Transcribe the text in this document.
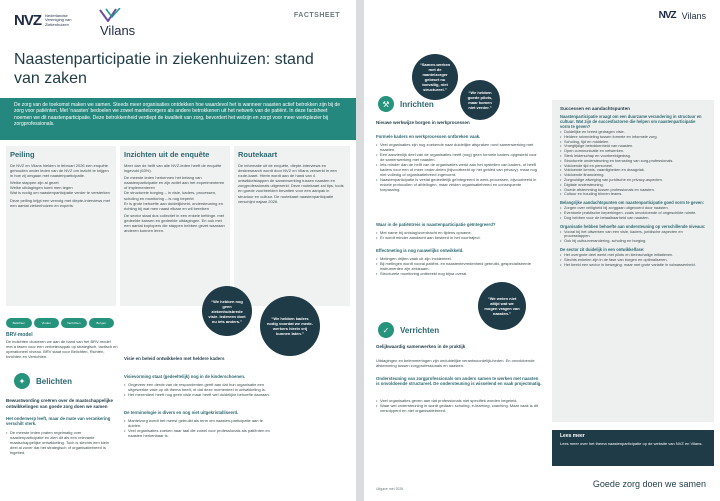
NVZ Nederlandse Vereniging van Ziekenhuizen	Vilans
FACTSHEET
Naastenparticipatie in ziekenhuizen: stand van zaken
De zorg van de toekomst maken we samen. Steeds meer organisaties ontdekken hoe waardevol het is wanneer naasten actief betrokken zijn bij de zorg voor patiënten. Met ‘naasten’ bedoelen we zowel mantelzorgers als andere betrokkenen uit het netwerk van de patiënt. In deze factsheet noemen we dit naastenparticipatie. Deze betrokkenheid verdiept de kwaliteit van zorg, bevordert het welzijn en zorgt voor meer werkplezier bij zorgprofessionals.
Peiling

De NVZ en Vilans hielden in februari 2026 een enquête gehouden onder leden van de NVZ om inzicht te krijgen in hoe zij omgaan met naastenparticipatie.

Welke stappen zijn al gezet
Welke uitdagingen komt men tegen
Wat is nodig om naastenparticipatie verder te versterken

Deze peiling krijgt een vervolg met diepte-interviews met een aantal ziekenhuizen en experts.

Inzichten uit de enquête

Meer dan de helft van alle NVZ-leden heeft de enquête ingevuld (63%).

De meeste leden herkennen het belang van naastenparticipatie en zijn actief aan het experimenteren of implementeren
De structurele borging – in visie, kaders, processen, scholing en monitoring – is nog beperkt
Er is grote behoefte aan duidelijkheid, ondersteuning en richting bij wat men naast elkaar en wil bereiken

De sector staat dus collectief in een enkele kettinge. met gedeelde kansen en gedeelde uitdagingen. En ook met een aantal koplopers die stappen hebben gezet waaraan anderen kunnen leren.

Routekaart

De informatie uit de enquête, diepte-interviews en deskresearch wordt door NVZ en Vilans verwerkt in een route-kaart. Hierin wordt aan de hand van 4 ontwikkelstappen de samenwerking tussen naasten en zorgprofessionals uitgewerkt. Deze routekaart zal tips, tools en goede voorbeelden bevatten voor een aanpak in structuur en cultuur. De routekaart naastenparticipatie verschijnt najaar 2026.

“We hebben nog geen ziekenhuisbrede visie. Iedereen doet nu iets anders.”	“We hebben kaders nodig voordat we mede-werkers hierin vrij kunnen laten.”
Belichten	Vinden	Verrichten	Borgen
BRV-model
De indichten clusteren we aan de hand van het BRV-model met a fasen voor een verbeterappak op strategisch, tactisch en operationeel niveau. BRV staat voor Belichten, Richten, Inrichten en Verrichten.
✦	Belichten
Bewustwording creëren over de maatschappelijke ontwikkelingen van goede zorg doen we samen
Het onderwerp leeft, maar de mate van verankering verschilt sterk.
• De meeste leden praten regelmatig over naastenparticipatie en zien dit als een relevante maatschappelijke ontwikkeling. Toch is slechts een klein deel al zover dat het strategisch of organisatiebreed is ingebed.
Visie en beleid ontwikkelen met heldere kaders
Visievorming staat (gedeeltelijk) nog in de kinderschoenen.
• Ongeveer een derde van de respondenten geeft aan dat hun organisatie een uitgewerkte visie op dit thema heeft, of dat deze momenteel in ontwikkeling is.
• Het merendeel heeft nog geen visie maar heeft wel duidelijke behoefte daaraan.
De terminologie is divers en nog niet uitgekristalliseerd.
• Mantelzorg wordt het meest gebruikt als term om naasten-participatie aan te duiden.
• Veel organisaties zoeken naar taal die zowel voor professionals als patiënten en naasten herkenbaar is.
NVZ Vilans
“Samen-werken met de mantelzorger gebeurt nu toevallig, niet structureel.”
“We hebben goede pilots, maar komen niet verder.”
⚒	Inrichten
Nieuwe werkwijze borgen in werkprocessen
Formele kaders en werkprocessen ontbreken vaak.
• Veel organisaties zijn nog zoekende naar duidelijke afspraken rond samenwerking met naasten.
• Een aanzienlijk deel van de organisaties heeft (nog) geen formele kaders opgesteld voor de samenwerking met naasten.
• Iets minder dan de helft van de organisaties werkt aan het opstellen van kaders, of heeft kaders voor een of meer onder-delen (bijvoorbeeld op het gebied van privacy). maar nog niet volledig of organisatiebreed ingevoerd.
• Naastenparticipatie is veelal gedeeltelijk geïntegreerd in werk-processen, bijvoorbeeld in enkele protocollen of afdelingen, maar zelden organisatiebreed en consequente toepassing.
Waar in de patiëntreis is naastenparticipatie geïntegreerd?
• Met name bij ontslag/overdracht en tijdens opname.
• Er wordt minder aandacht aan besteed in het voortraject.
Effectmeting is nog nauwelijks ontwikkeld.
• Metingen drijten vaak uit zijn incidenteel.
• Bij metingen wordt vooral patiënt- en naastentevredenheid gebruikt, gespecialiseerde instrumenten zijn zeldzaam.
• Structurele monitoring ontbreekt nog bijna overal.
“We weten niet altijd wat we mogen vragen van naasten.”
✓	Verrichten
Gelijkwaardig samenwerken in de praktijk
Uitdagingen en belemmeringen zijn onduidelijke verantwoordelijk-heden. En onvoldoende afstemming tussen zorgprofessionals en naasten.
Ondersteuning van zorgprofessionals om anders samen te werken met naasten is onvoldoende structureel. De ondersteuning is wisselend en vaak projectmatig.
• Veel organisaties geven aan dat professionals niet specifiek worden begeleid.
• Waar wel ondersteuning in wordt gedaan: scholing, e-learning, coaching. Maar vaak is dit versnipperd en niet organisatiebreed.
Successen en aandachtspunten
Naastenparticipatie vraagt om een duurzame verandering in structuur en cultuur. Wat zijn de succesfactoren die helpen om naastenparticipatie vorm te geven?
• Duidelijke en breed gedragen visie.
• Heldere rolverdeling tussen formele en informele zorg.
• Scholing, tijd en middelen.
• Vroegtijdige betrokkenheid van naasten.
• Open communicatie en netwerken.
• Sterk leiderschap en voorbeeldgedrag.
• Structurele ondersteuning en toerusting van zorg-professionals.
• Voldoende tijd en personeel.
• Voldoende kennis, vaardigheden en draagvlak.
• Voldoende financiering.
• Zorgvuldige afweging van juridische en privacy-aspecten.
• Digitale ondersteuning.
• Goede afstemming tussen professionals en naasten.
• Cultuur en houding binnen teams.
Belangrijke aandachtspunten om naastenparticipatie goed vorm te geven:
• Zorgen over veiligheid bij zorggaan uitgevoerd door naasten.
• Eventuele praktische beperkingen. zoals onvoldoende of ongeschikte ruimte.
• Dog hebben voor de betaalbaarheid van naasten.
Organisatie hebben behoefte aan ondersteuning op verschillende niveaus:
• Vooral bij het uitwerken van een visie, kaders, juridische aspecten en processtappen.
• Ook bij cultuurverandering, scholing en borging.
De sector zit duidelijk in een ontwikkelfase:
• Het overgrote deel werkt met pilots en kleinschalige initiatieven.
• Slechts enkelen zijn in de fase van borgen en optimaliseren.
• Het beeld een sector in beweging. maar met grote variatie in volwassenheid.
Lees meer
Lees meer over het thema naastenparticipatie op de website van NVZ en Vilans.
Uitgave mei 2026	Goede zorg doen we samen
